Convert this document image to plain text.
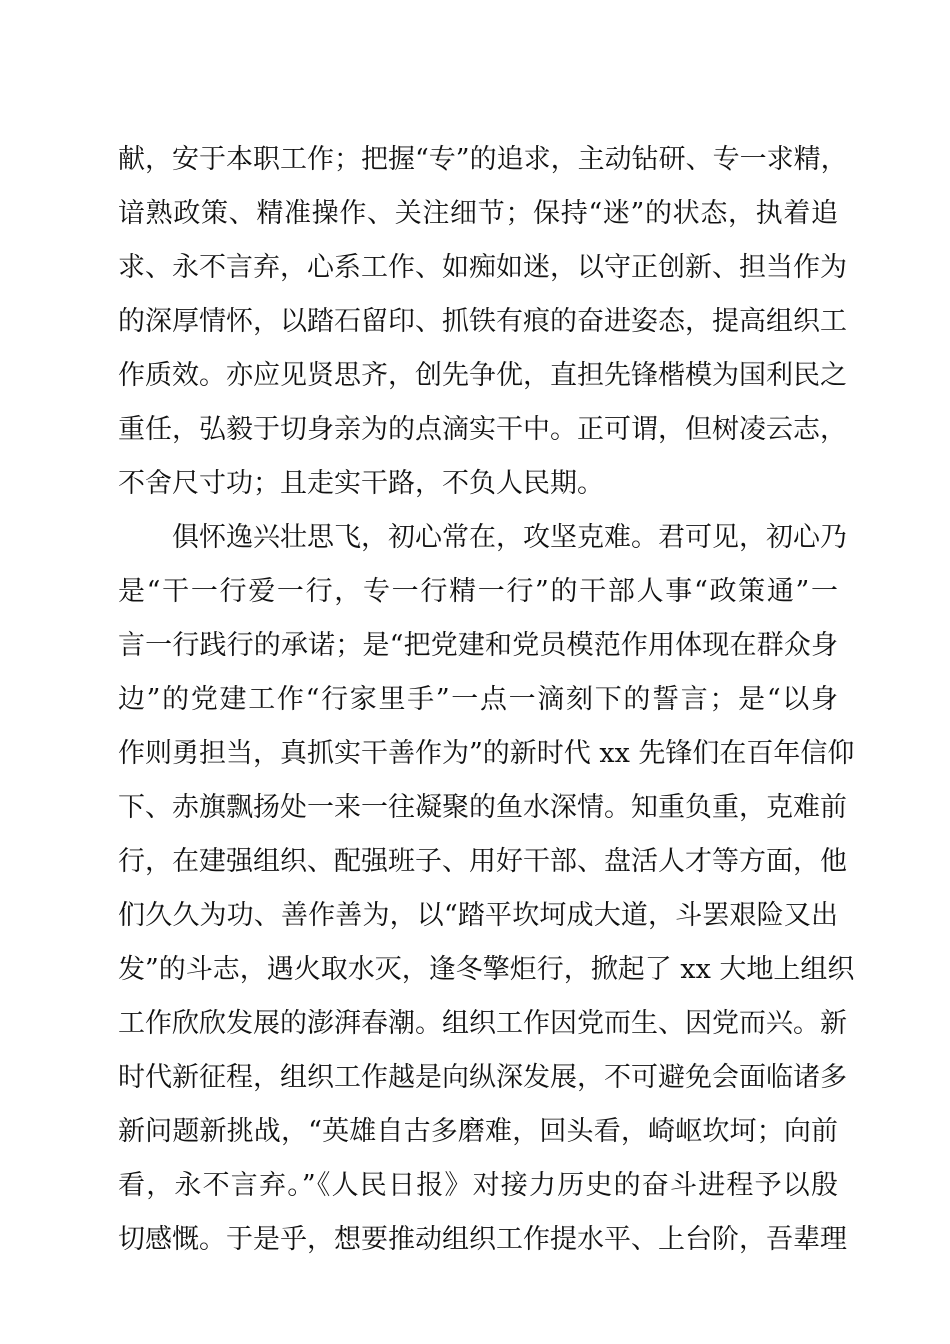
献，安于本职工作；把握“专”的追求，主动钻研、专一求精，
谙熟政策、精准操作、关注细节；保持“迷”的状态，执着追
求、永不言弃，心系工作、如痴如迷，以守正创新、担当作为
的深厚情怀，以踏石留印、抓铁有痕的奋进姿态，提高组织工
作质效。亦应见贤思齐，创先争优，直担先锋楷模为国利民之
重任，弘毅于切身亲为的点滴实干中。正可谓，但树凌云志，
不舍尺寸功；且走实干路，不负人民期。
俱怀逸兴壮思飞，初心常在，攻坚克难。君可见，初心乃
是“干一行爱一行，专一行精一行”的干部人事“政策通”一
言一行践行的承诺；是“把党建和党员模范作用体现在群众身
边”的党建工作“行家里手”一点一滴刻下的誓言；是“以身
作则勇担当，真抓实干善作为”的新时代 xx 先锋们在百年信仰
下、赤旗飘扬处一来一往凝聚的鱼水深情。知重负重，克难前
行，在建强组织、配强班子、用好干部、盘活人才等方面，他
们久久为功、善作善为，以“踏平坎坷成大道，斗罢艰险又出
发”的斗志，遇火取水灭，逢冬擎炬行，掀起了 xx 大地上组织
工作欣欣发展的澎湃春潮。组织工作因党而生、因党而兴。新
时代新征程，组织工作越是向纵深发展，不可避免会面临诸多
新问题新挑战，“英雄自古多磨难，回头看，崎岖坎坷；向前
看，永不言弃。”《人民日报》对接力历史的奋斗进程予以殷
切感慨。于是乎，想要推动组织工作提水平、上台阶，吾辈理
